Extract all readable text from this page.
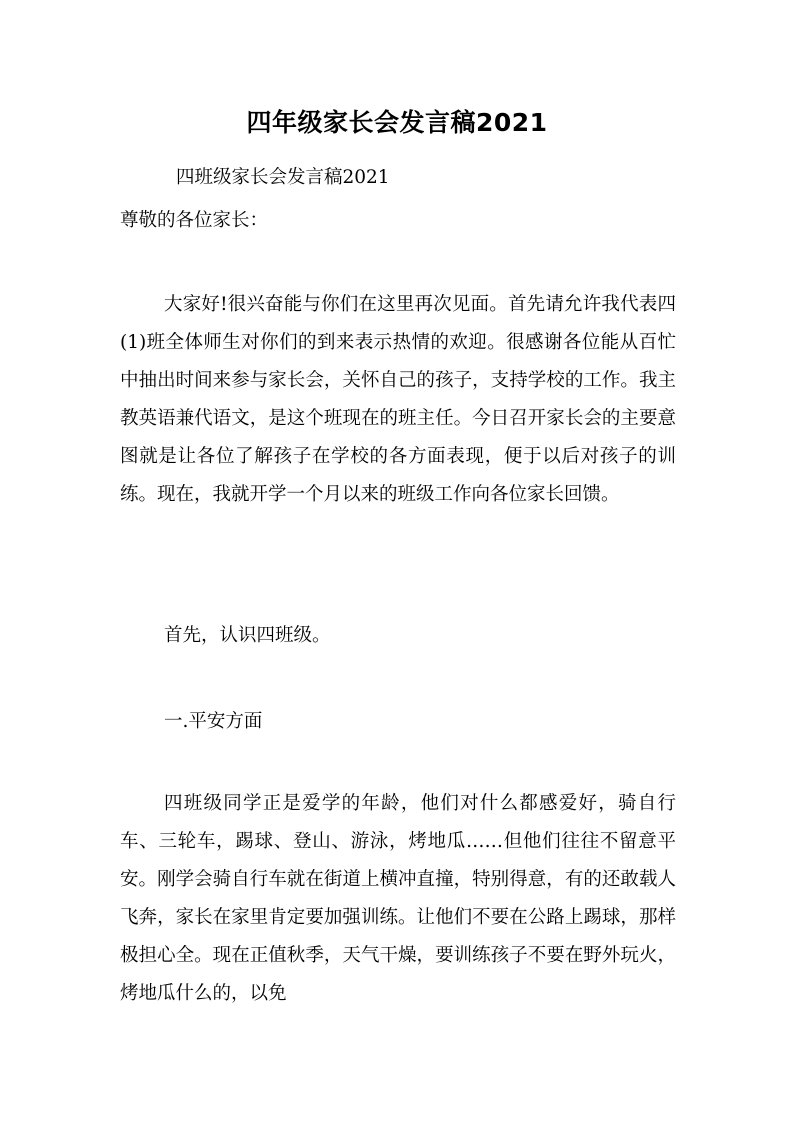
四年级家长会发言稿2021
四班级家长会发言稿2021
尊敬的各位家长：

大家好!很兴奋能与你们在这里再次见面。首先请允许我代表四(1)班全体师生对你们的到来表示热情的欢迎。很感谢各位能从百忙中抽出时间来参与家长会，关怀自己的孩子，支持学校的工作。我主教英语兼代语文，是这个班现在的班主任。今日召开家长会的主要意图就是让各位了解孩子在学校的各方面表现，便于以后对孩子的训练。现在，我就开学一个月以来的班级工作向各位家长回馈。

首先，认识四班级。

一.平安方面

四班级同学正是爱学的年龄，他们对什么都感爱好，骑自行车、三轮车，踢球、登山、游泳，烤地瓜……但他们往往不留意平安。刚学会骑自行车就在街道上横冲直撞，特别得意，有的还敢载人飞奔，家长在家里肯定要加强训练。让他们不要在公路上踢球，那样极担心全。现在正值秋季，天气干燥，要训练孩子不要在野外玩火，烤地瓜什么的，以免
